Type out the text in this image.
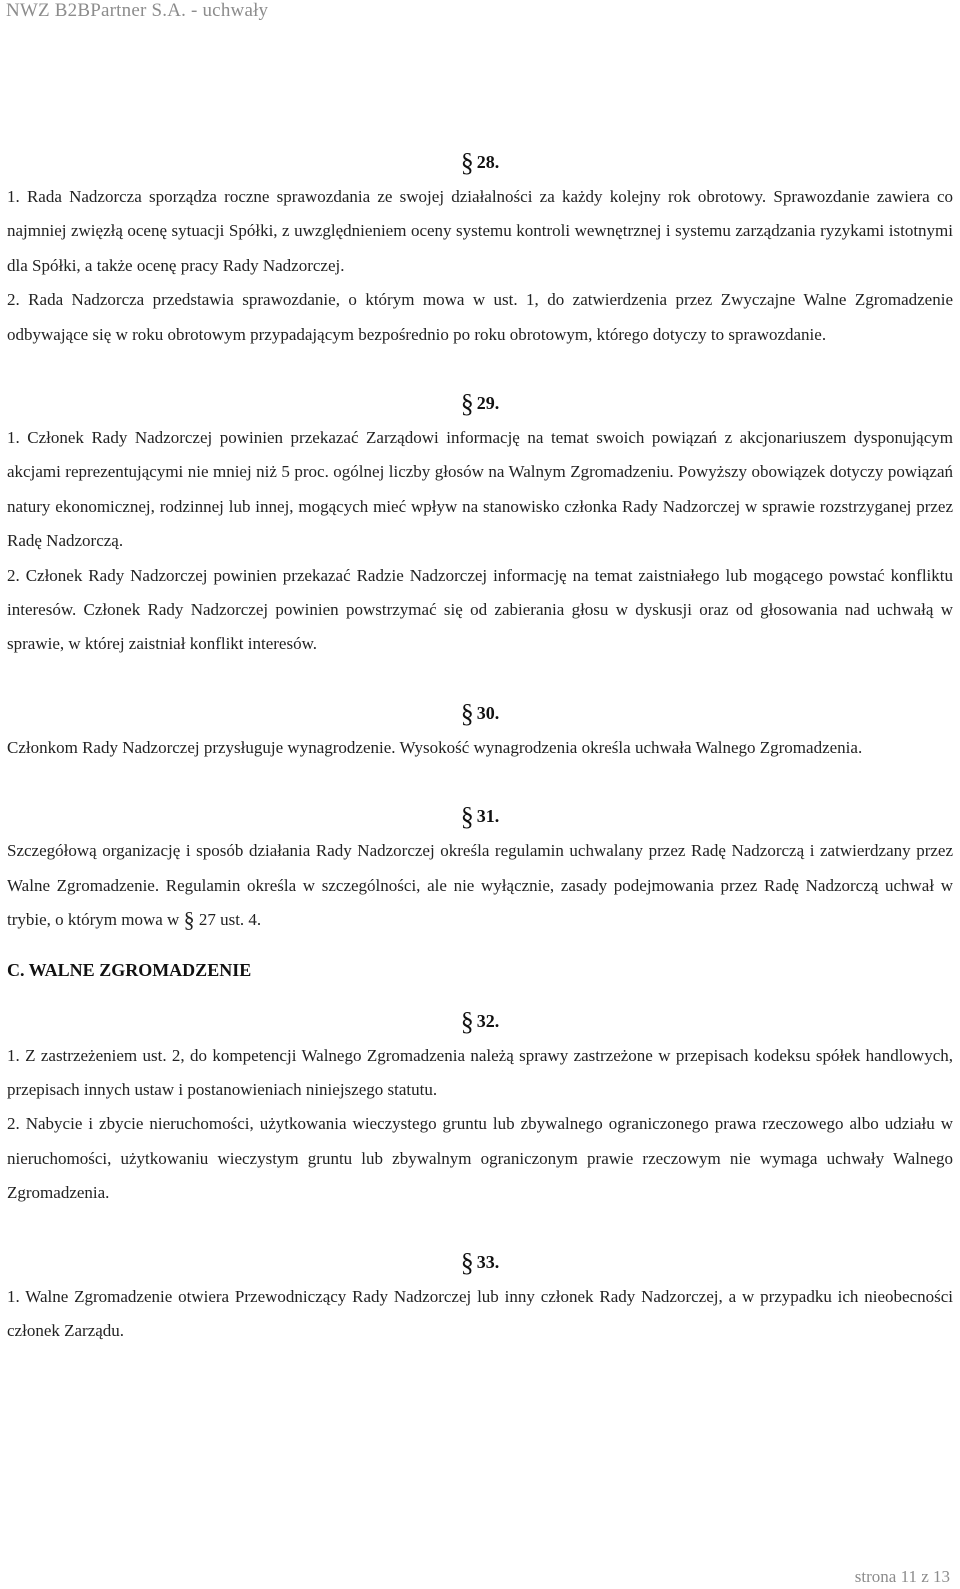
NWZ B2BPartner S.A. - uchwały
§ 28.

1. Rada Nadzorcza sporządza roczne sprawozdania ze swojej działalności za każdy kolejny rok obrotowy. Sprawozdanie zawiera co najmniej zwięzłą ocenę sytuacji Spółki, z uwzględnieniem oceny systemu kontroli wewnętrznej i systemu zarządzania ryzykami istotnymi dla Spółki, a także ocenę pracy Rady Nadzorczej.

2. Rada Nadzorcza przedstawia sprawozdanie, o którym mowa w ust. 1, do zatwierdzenia przez Zwyczajne Walne Zgromadzenie odbywające się w roku obrotowym przypadającym bezpośrednio po roku obrotowym, którego dotyczy to sprawozdanie.

§ 29.

1. Członek Rady Nadzorczej powinien przekazać Zarządowi informację na temat swoich powiązań z akcjonariuszem dysponującym akcjami reprezentującymi nie mniej niż 5 proc. ogólnej liczby głosów na Walnym Zgromadzeniu. Powyższy obowiązek dotyczy powiązań natury ekonomicznej, rodzinnej lub innej, mogących mieć wpływ na stanowisko członka Rady Nadzorczej w sprawie rozstrzyganej przez Radę Nadzorczą.

2. Członek Rady Nadzorczej powinien przekazać Radzie Nadzorczej informację na temat zaistniałego lub mogącego powstać konfliktu interesów. Członek Rady Nadzorczej powinien powstrzymać się od zabierania głosu w dyskusji oraz od głosowania nad uchwałą w sprawie, w której zaistniał konflikt interesów.

§ 30.

Członkom Rady Nadzorczej przysługuje wynagrodzenie. Wysokość wynagrodzenia określa uchwała Walnego Zgromadzenia.

§ 31.

Szczegółową organizację i sposób działania Rady Nadzorczej określa regulamin uchwalany przez Radę Nadzorczą i zatwierdzany przez Walne Zgromadzenie. Regulamin określa w szczególności, ale nie wyłącznie, zasady podejmowania przez Radę Nadzorczą uchwał w trybie, o którym mowa w § 27 ust. 4.

C. WALNE ZGROMADZENIE

§ 32.

1. Z zastrzeżeniem ust. 2, do kompetencji Walnego Zgromadzenia należą sprawy zastrzeżone w przepisach kodeksu spółek handlowych, przepisach innych ustaw i postanowieniach niniejszego statutu.

2. Nabycie i zbycie nieruchomości, użytkowania wieczystego gruntu lub zbywalnego ograniczonego prawa rzeczowego albo udziału w nieruchomości, użytkowaniu wieczystym gruntu lub zbywalnym ograniczonym prawie rzeczowym nie wymaga uchwały Walnego Zgromadzenia.

§ 33.

1. Walne Zgromadzenie otwiera Przewodniczący Rady Nadzorczej lub inny członek Rady Nadzorczej, a w przypadku ich nieobecności członek Zarządu.

strona 11 z 13
